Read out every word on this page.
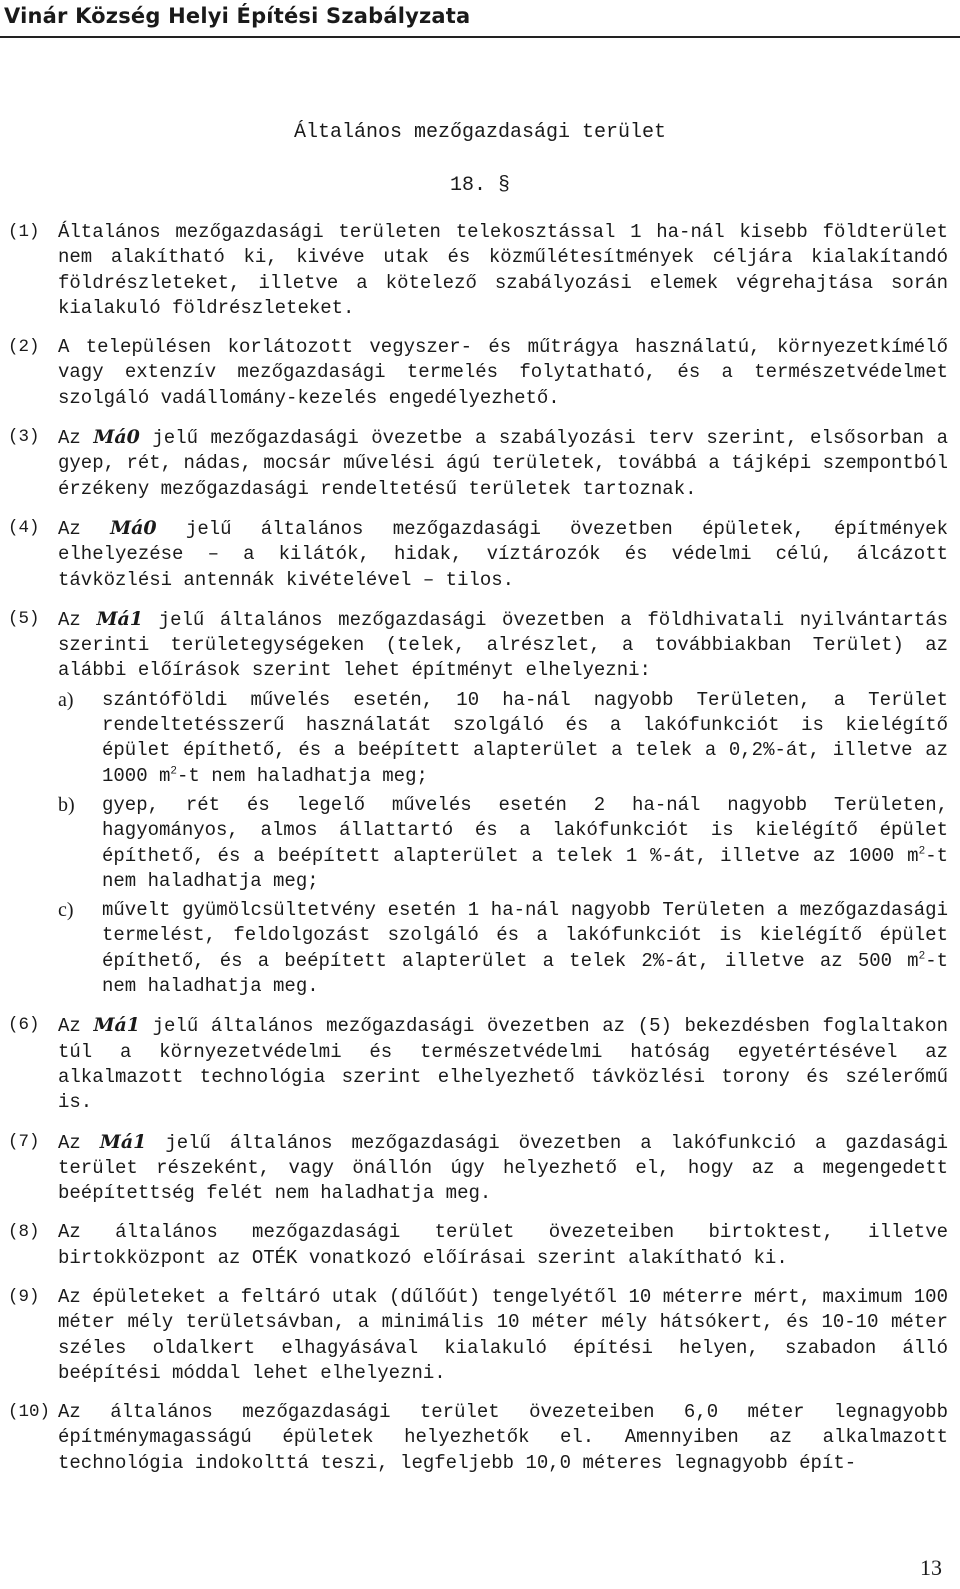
Vinár Község Helyi Építési Szabályzata
Általános mezőgazdasági terület
18. §
(1) Általános mezőgazdasági területen telekosztással 1 ha-nál kisebb földterület nem alakítható ki, kivéve utak és közműlétesítmények céljára kialakítandó földrészleteket, illetve a kötelező szabályozási elemek végrehajtása során kialakuló földrészleteket.
(2) A településen korlátozott vegyszer- és műtrágya használatú, környezetkímélő vagy extenzív mezőgazdasági termelés folytatható, és a természetvédelmet szolgáló vadállomány-kezelés engedélyezhető.
(3) Az Má0 jelű mezőgazdasági övezetbe a szabályozási terv szerint, elsősorban a gyep, rét, nádas, mocsár művelési ágú területek, továbbá a tájképi szempontból érzékeny mezőgazdasági rendeltetésű területek tartoznak.
(4) Az Má0 jelű általános mezőgazdasági övezetben épületek, építmények elhelyezése – a kilátók, hidak, víztározók és védelmi célú, álcázott távközlési antennák kivételével – tilos.
(5) Az Má1 jelű általános mezőgazdasági övezetben a földhivatali nyilvántartás szerinti területegységeken (telek, alrészlet, a továbbiakban Terület) az alábbi előírások szerint lehet építményt elhelyezni:
a)	szántóföldi művelés esetén, 10 ha-nál nagyobb Területen, a Terület rendeltetésszerű használatát szolgáló és a lakófunkciót is kielégítő épület építhető, és a beépített alapterület a telek a 0,2%-át, illetve az 1000 $m^2-t$ nem haladhatja meg;
b)	gyep, rét és legelő művelés esetén 2 ha-nál nagyobb Területen, hagyományos, almos állattartó és a lakófunkciót is kielégítő épület építhető, és a beépített alapterület a telek 1 %-át, illetve az 1000 $m^2-t$ nem haladhatja meg;
c)	művelt gyümölcsültetvény esetén 1 ha-nál nagyobb Területen a mezőgazdasági termelést, feldolgozást szolgáló és a lakófunkciót is kielégítő épület építhető, és a beépített alapterület a telek 2%-át, illetve az 500 $m^2-t$ nem haladhatja meg.
(6) Az Má1 jelű általános mezőgazdasági övezetben az (5) bekezdésben foglaltakon túl a környezetvédelmi és természetvédelmi hatóság egyetértésével az alkalmazott technológia szerint elhelyezhető távközlési torony és szélerőmű is.
(7) Az Má1 jelű általános mezőgazdasági övezetben a lakófunkció a gazdasági terület részeként, vagy önállón úgy helyezhető el, hogy az a megengedett beépítettség felét nem haladhatja meg.
(8) Az általános mezőgazdasági terület övezeteiben birtoktest, illetve birtokközpont az OTÉK vonatkozó előírásai szerint alakítható ki.
(9) Az épületeket a feltáró utak (dűlőút) tengelyétől 10 méterre mért, maximum 100 méter mély területsávban, a minimális 10 méter mély hátsókert, és 10-10 méter széles oldalkert elhagyásával kialakuló építési helyen, szabadon álló beépítési móddal lehet elhelyezni.
(10) Az általános mezőgazdasági terület övezeteiben 6,0 méter legnagyobb építménymagasságú épületek helyezhetők el. Amennyiben az alkalmazott technológia indokolttá teszi, legfeljebb 10,0 méteres legnagyobb épít-
13
